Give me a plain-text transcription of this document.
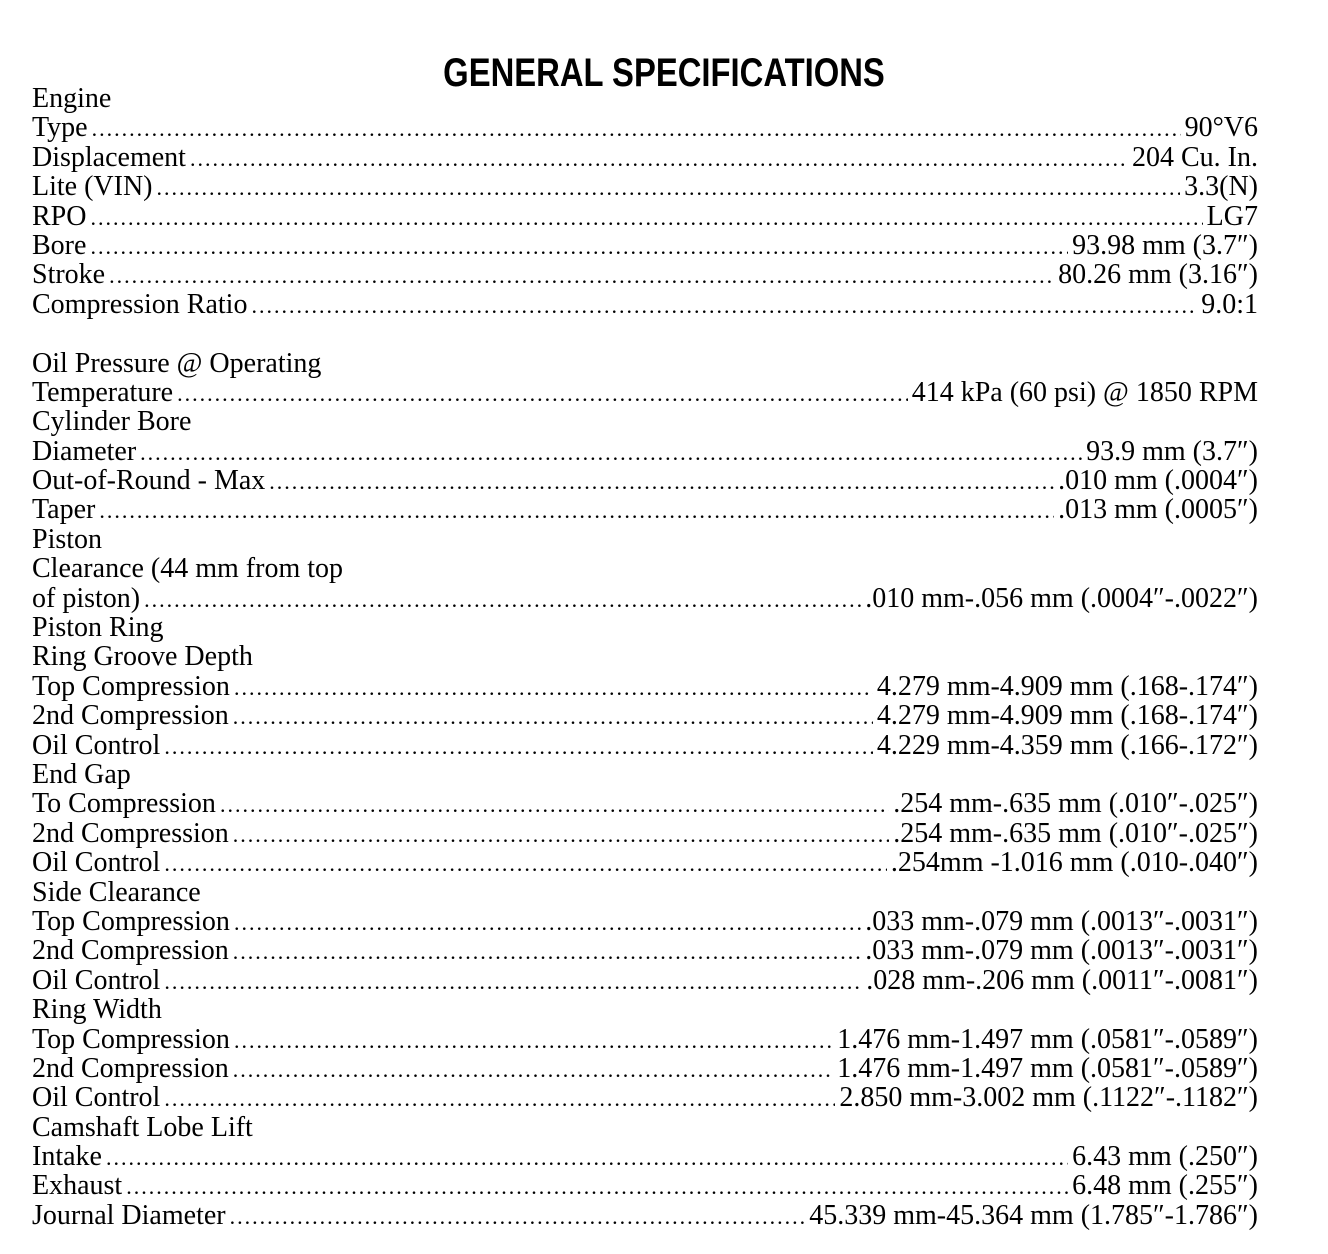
GENERAL SPECIFICATIONS
Engine
Type .....	90°V6
Displacement .....	204 Cu. In.
Lite (VIN) .....	3.3(N)
RPO .....	LG7
Bore .....	93.98 mm (3.7″)
Stroke .....	80.26 mm (3.16″)
Compression Ratio .....	9.0:1
Oil Pressure @ Operating
Temperature .....	414 kPa (60 psi) @ 1850 RPM
Cylinder Bore
Diameter .....	93.9 mm (3.7″)
Out-of-Round - Max .....	.010 mm (.0004″)
Taper .....	.013 mm (.0005″)
Piston
Clearance (44 mm from top
of piston) .....	.010 mm-.056 mm (.0004″-.0022″)
Piston Ring
Ring Groove Depth
Top Compression .....	4.279 mm-4.909 mm (.168-.174″)
2nd Compression .....	4.279 mm-4.909 mm (.168-.174″)
Oil Control .....	4.229 mm-4.359 mm (.166-.172″)
End Gap
To Compression .....	.254 mm-.635 mm (.010″-.025″)
2nd Compression .....	.254 mm-.635 mm (.010″-.025″)
Oil Control .....	.254mm -1.016 mm (.010-.040″)
Side Clearance
Top Compression .....	.033 mm-.079 mm (.0013″-.0031″)
2nd Compression .....	.033 mm-.079 mm (.0013″-.0031″)
Oil Control .....	.028 mm-.206 mm (.0011″-.0081″)
Ring Width
Top Compression .....	1.476 mm-1.497 mm (.0581″-.0589″)
2nd Compression .....	1.476 mm-1.497 mm (.0581″-.0589″)
Oil Control .....	2.850 mm-3.002 mm (.1122″-.1182″)
Camshaft Lobe Lift
Intake .....	6.43 mm (.250″)
Exhaust .....	6.48 mm (.255″)
Journal Diameter .....	45.339 mm-45.364 mm (1.785″-1.786″)
